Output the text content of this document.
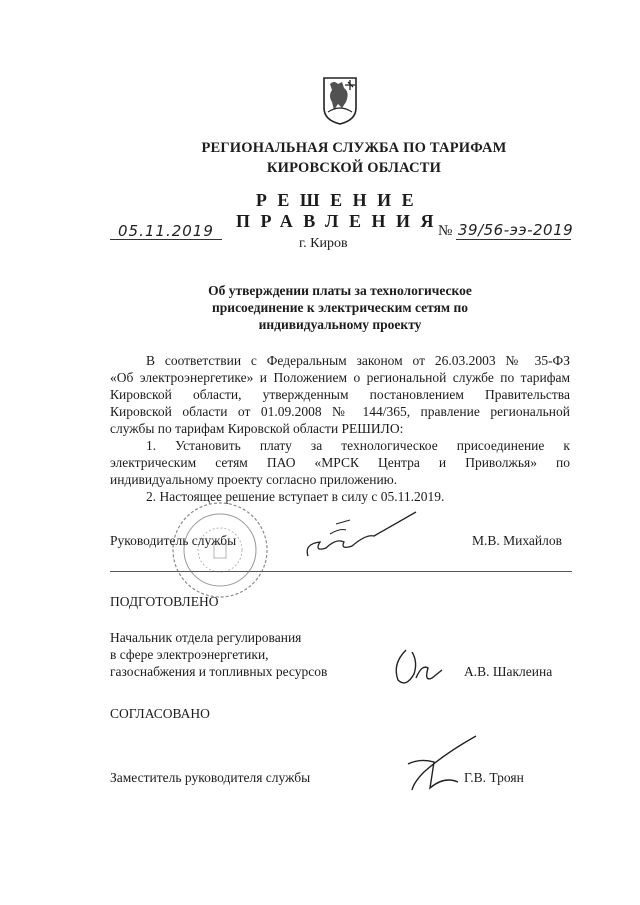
РЕГИОНАЛЬНАЯ СЛУЖБА ПО ТАРИФАМ
КИРОВСКОЙ ОБЛАСТИ
РЕШЕНИЕ ПРАВЛЕНИЯ
05.11.2019	№ 39/56-ээ-2019
г. Киров
Об утверждении платы за технологическое
присоединение к электрическим сетям по
индивидуальному проекту
В соответствии с Федеральным законом от 26.03.2003 № 35-ФЗ
«Об электроэнергетике» и Положением о региональной службе по тарифам
Кировской области, утвержденным постановлением Правительства
Кировской области от 01.09.2008 № 144/365, правление региональной
службы по тарифам Кировской области РЕШИЛО:
1. Установить плату за технологическое присоединение к
электрическим сетям ПАО «МРСК Центра и Приволжья» по
индивидуальному проекту согласно приложению.
2. Настоящее решение вступает в силу с 05.11.2019.
Руководитель службы	М.В. Михайлов
ПОДГОТОВЛЕНО
Начальник отдела регулирования
в сфере электроэнергетики,
газоснабжения и топливных ресурсов	А.В. Шаклеина
СОГЛАСОВАНО
Заместитель руководителя службы	Г.В. Троян
